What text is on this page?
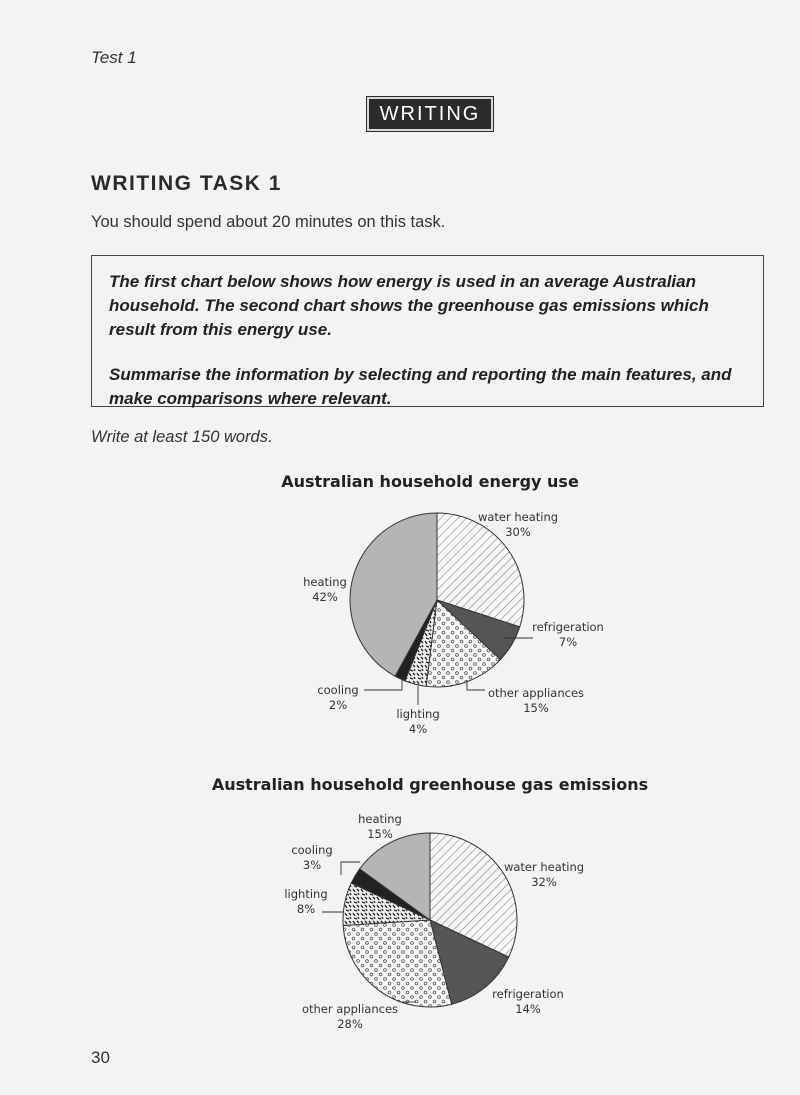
Test 1
WRITING
WRITING TASK 1
You should spend about 20 minutes on this task.

The first chart below shows how energy is used in an average Australian household. The second chart shows the greenhouse gas emissions which result from this energy use.

Summarise the information by selecting and reporting the main features, and make comparisons where relevant.

Write at least 150 words.
Australian household energy use
water heating
30%
refrigeration
7%
other appliances
15%
lighting
4%
cooling
2%
heating
42%
Australian household greenhouse gas emissions
heating
15%
water heating
32%
cooling
3%
lighting
8%
refrigeration
14%
other appliances
28%
30
